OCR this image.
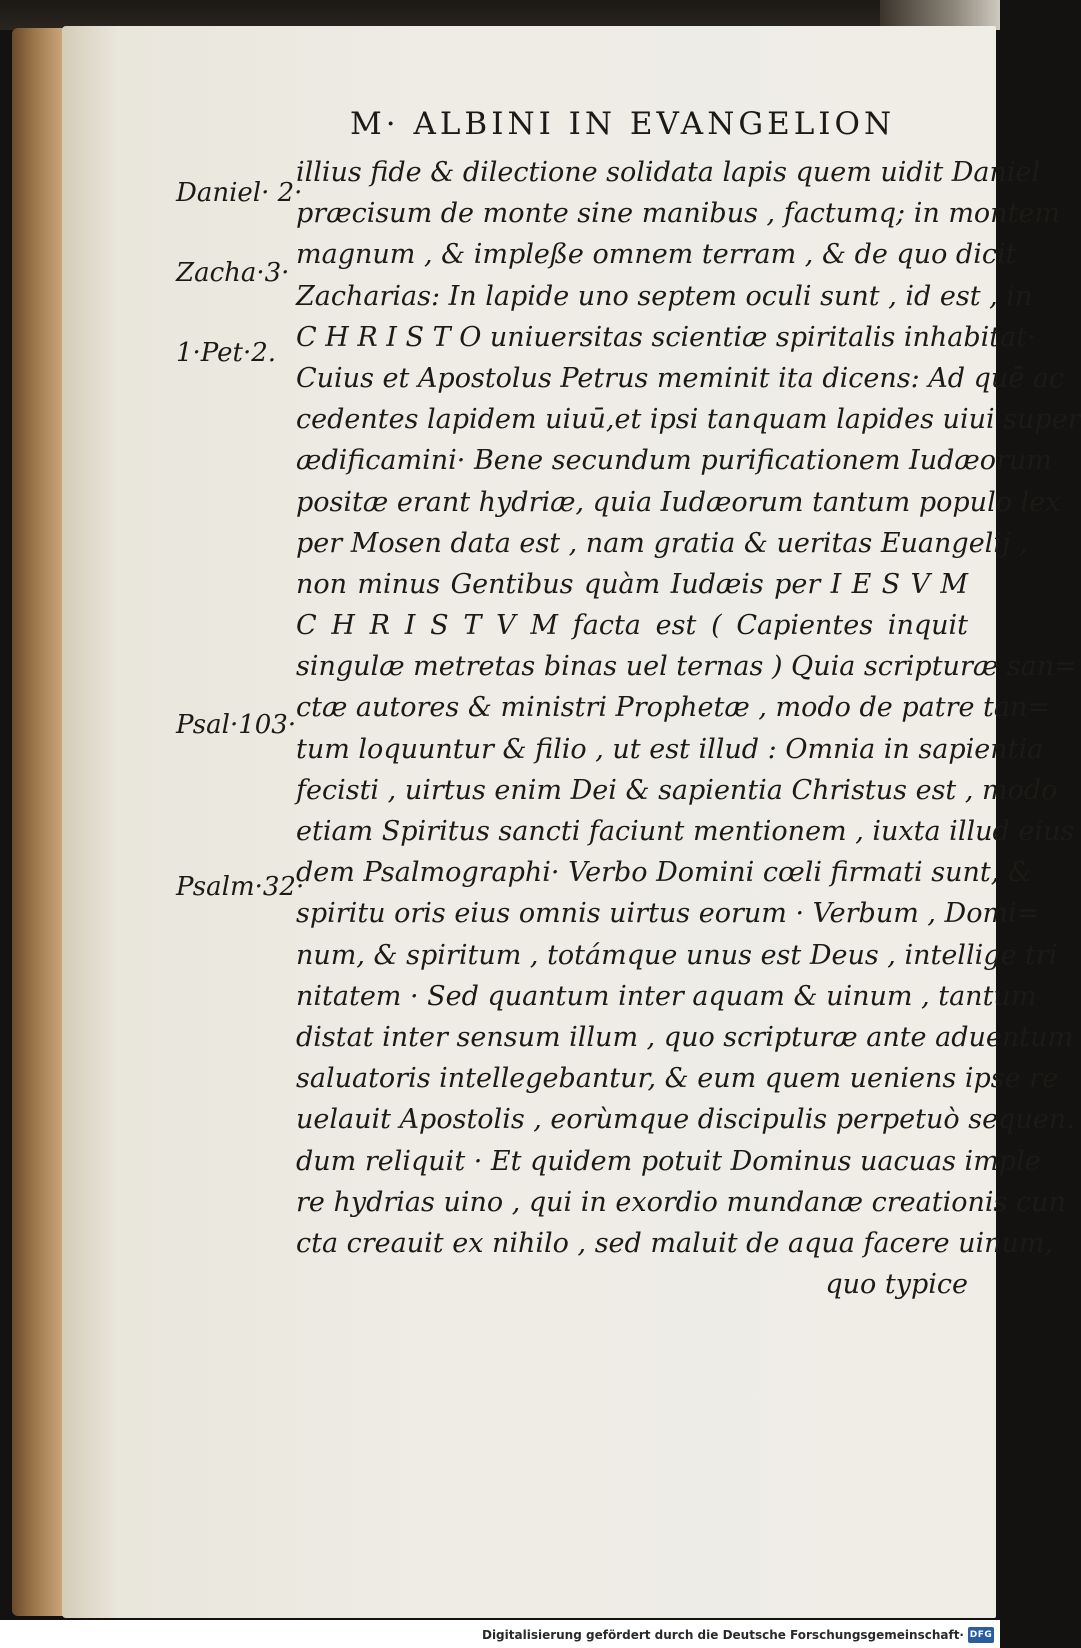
M· ALBINI IN EVANGELION
Daniel· 2·
Zacha·3·
1·Pet·2.
Psal·103·
Psalm·32·
illius fide & dilectione solidata lapis quem uidit Daniel
præcisum de monte sine manibus , factumq; in montem
magnum , & impleße omnem terram , & de quo dicit
Zacharias: In lapide uno septem oculi sunt , id est , in
C H R I S T O uniuersitas scientiæ spiritalis inhabitat·
Cuius et Apostolus Petrus meminit ita dicens: Ad quē ac
cedentes lapidem uiuū,et ipsi tanquam lapides uiui super
ædificamini· Bene secundum purificationem Iudæorum
positæ erant hydriæ, quia Iudæorum tantum populo lex
per Mosen data est , nam gratia & ueritas Euangelij ,
non minus Gentibus quàm Iudæis per I E S V M
C H R I S T V M facta est ( Capientes inquit
singulæ metretas binas uel ternas ) Quia scripturæ san=
ctæ autores & ministri Prophetæ , modo de patre tan=
tum loquuntur & filio , ut est illud : Omnia in sapientia
fecisti , uirtus enim Dei & sapientia Christus est , modo
etiam Spiritus sancti faciunt mentionem , iuxta illud eius
dem Psalmographi· Verbo Domini cœli firmati sunt, &
spiritu oris eius omnis uirtus eorum · Verbum , Domi=
num, & spiritum , totámque unus est Deus , intellige tri
nitatem · Sed quantum inter aquam & uinum , tantum
distat inter sensum illum , quo scripturæ ante aduentum
saluatoris intellegebantur, & eum quem ueniens ipse re
uelauit Apostolis , eorùmque discipulis perpetuò sequen.
dum reliquit · Et quidem potuit Dominus uacuas imple
re hydrias uino , qui in exordio mundanæ creationis cun
cta creauit ex nihilo , sed maluit de aqua facere uinum,
quo typice
Digitalisierung gefördert durch die Deutsche Forschungsgemeinschaft· DFG
